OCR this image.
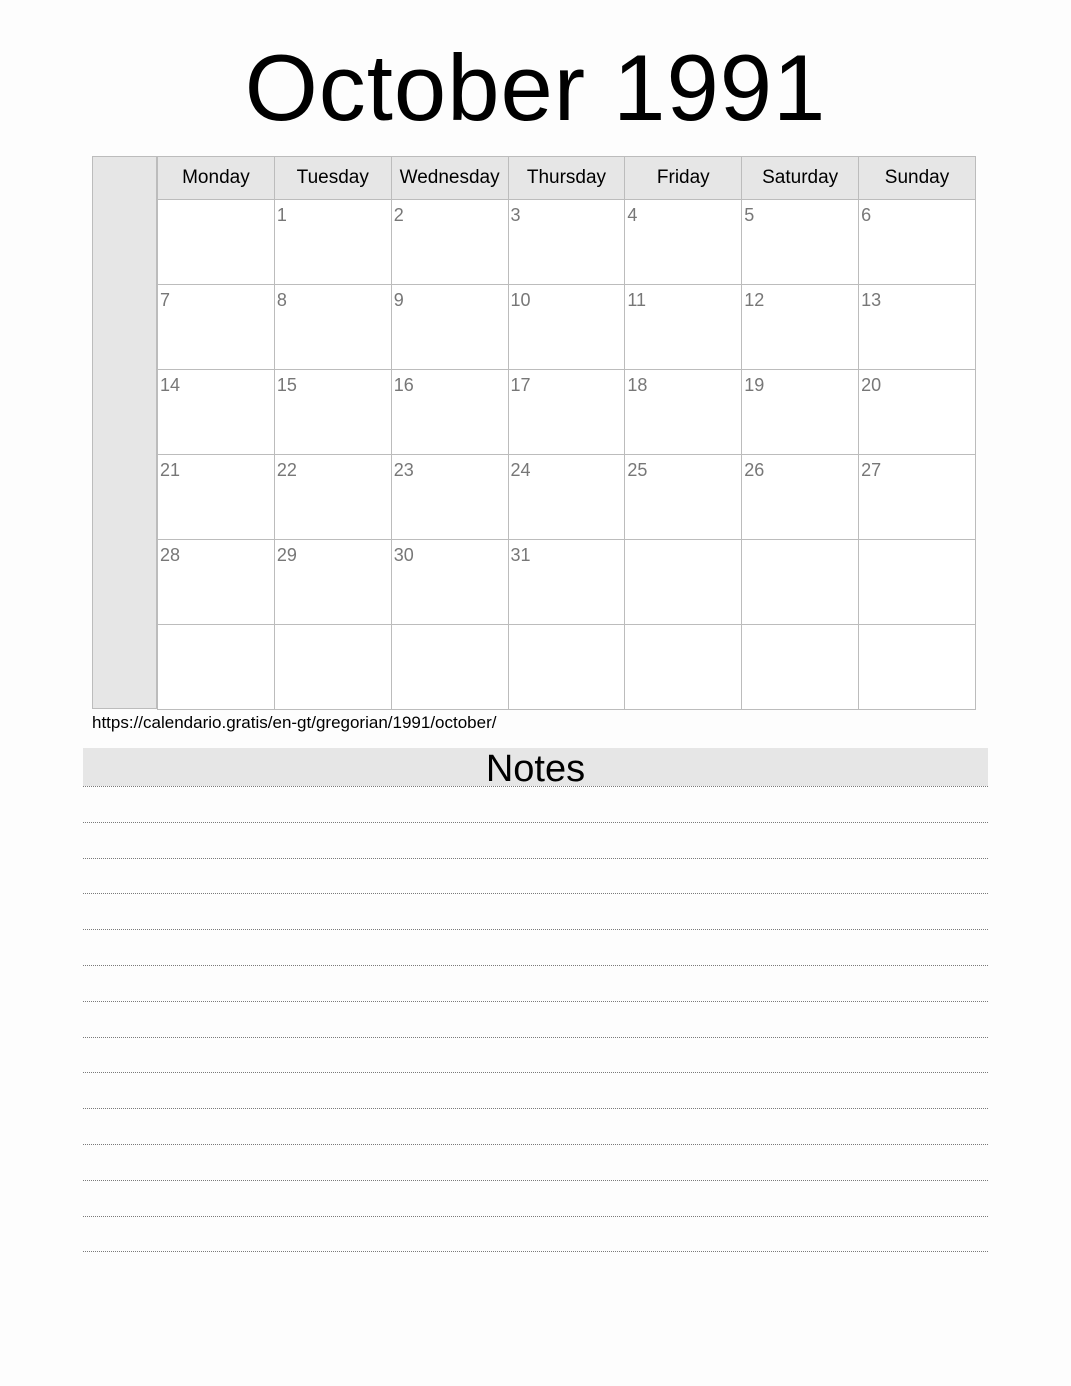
October 1991
Monday	Tuesday	Wednesday	Thursday	Friday	Saturday	Sunday

	1	2	3	4	5	6

7	8	9	10	11	12	13

14	15	16	17	18	19	20

21	22	23	24	25	26	27

28	29	30	31			

https://calendario.gratis/en-gt/gregorian/1991/october/
Notes
